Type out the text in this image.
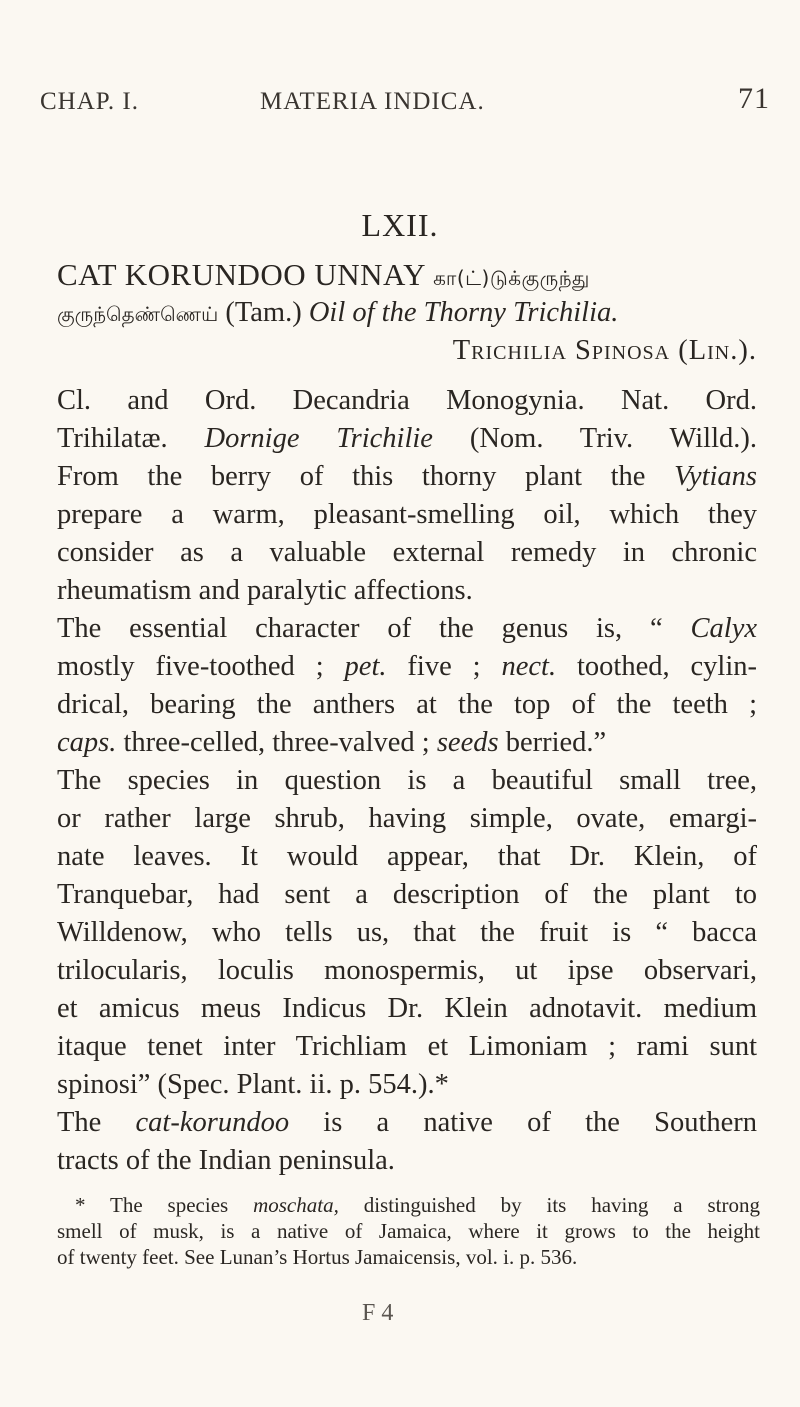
CHAP. I.	MATERIA INDICA.	71
LXII.
CAT KORUNDOO UNNAY கா(ட்)டுக்குருந்து
குருந்தெண்ணெய் (Tam.) Oil of the Thorny Trichilia.
Trichilia Spinosa (Lin.).
Cl. and Ord. Decandria Monogynia. Nat. Ord.
Trihilatæ. Dornige Trichilie (Nom. Triv. Willd.).
From the berry of this thorny plant the Vytians
prepare a warm, pleasant-smelling oil, which they
consider as a valuable external remedy in chronic
rheumatism and paralytic affections.
The essential character of the genus is, “ Calyx
mostly five-toothed ; pet. five ; nect. toothed, cylin-
drical, bearing the anthers at the top of the teeth ;
caps. three-celled, three-valved ; seeds berried.”
The species in question is a beautiful small tree,
or rather large shrub, having simple, ovate, emargi-
nate leaves. It would appear, that Dr. Klein, of
Tranquebar, had sent a description of the plant to
Willdenow, who tells us, that the fruit is “ bacca
trilocularis, loculis monospermis, ut ipse observari,
et amicus meus Indicus Dr. Klein adnotavit. medium
itaque tenet inter Trichliam et Limoniam ; rami sunt
spinosi” (Spec. Plant. ii. p. 554.).*
The cat-korundoo is a native of the Southern
tracts of the Indian peninsula.
* The species moschata, distinguished by its having a strong
smell of musk, is a native of Jamaica, where it grows to the height
of twenty feet. See Lunan’s Hortus Jamaicensis, vol. i. p. 536.
F 4
